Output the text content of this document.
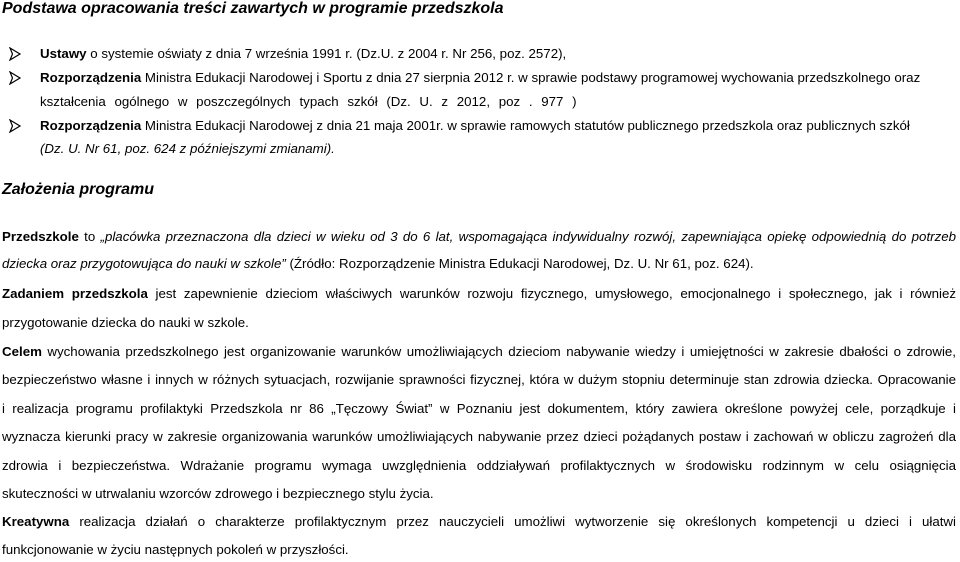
Podstawa opracowania treści zawartych w programie przedszkola
Ustawy o systemie oświaty z dnia 7 września 1991 r. (Dz.U. z 2004 r. Nr 256, poz. 2572),
Rozporządzenia Ministra Edukacji Narodowej i Sportu z dnia 27 sierpnia 2012 r. w sprawie podstawy programowej wychowania przedszkolnego oraz
kształcenia ogólnego w poszczególnych typach szkół (Dz. U. z 2012, poz . 977 )
Rozporządzenia Ministra Edukacji Narodowej z dnia 21 maja 2001r. w sprawie ramowych statutów publicznego przedszkola oraz publicznych szkół
(Dz. U. Nr 61, poz. 624 z późniejszymi zmianami).
Założenia programu
Przedszkole to „placówka przeznaczona dla dzieci w wieku od 3 do 6 lat, wspomagająca indywidualny rozwój, zapewniająca opiekę odpowiednią do potrzeb
dziecka oraz przygotowująca do nauki w szkole” (Źródło: Rozporządzenie Ministra Edukacji Narodowej, Dz. U. Nr 61, poz. 624).
Zadaniem przedszkola jest zapewnienie dzieciom właściwych warunków rozwoju fizycznego, umysłowego, emocjonalnego i społecznego, jak i również
przygotowanie dziecka do nauki w szkole.
Celem wychowania przedszkolnego jest organizowanie warunków umożliwiających dzieciom nabywanie wiedzy i umiejętności w zakresie dbałości o zdrowie,
bezpieczeństwo własne i innych w różnych sytuacjach, rozwijanie sprawności fizycznej, która w dużym stopniu determinuje stan zdrowia dziecka. Opracowanie
i realizacja programu profilaktyki Przedszkola nr 86 „Tęczowy Świat” w Poznaniu jest dokumentem, który zawiera określone powyżej cele, porządkuje i
wyznacza kierunki pracy w zakresie organizowania warunków umożliwiających nabywanie przez dzieci pożądanych postaw i zachowań w obliczu zagrożeń dla
zdrowia i bezpieczeństwa. Wdrażanie programu wymaga uwzględnienia oddziaływań profilaktycznych w środowisku rodzinnym w celu osiągnięcia
skuteczności w utrwalaniu wzorców zdrowego i bezpiecznego stylu życia.
Kreatywna realizacja działań o charakterze profilaktycznym przez nauczycieli umożliwi wytworzenie się określonych kompetencji u dzieci i ułatwi
funkcjonowanie w życiu następnych pokoleń w przyszłości.
